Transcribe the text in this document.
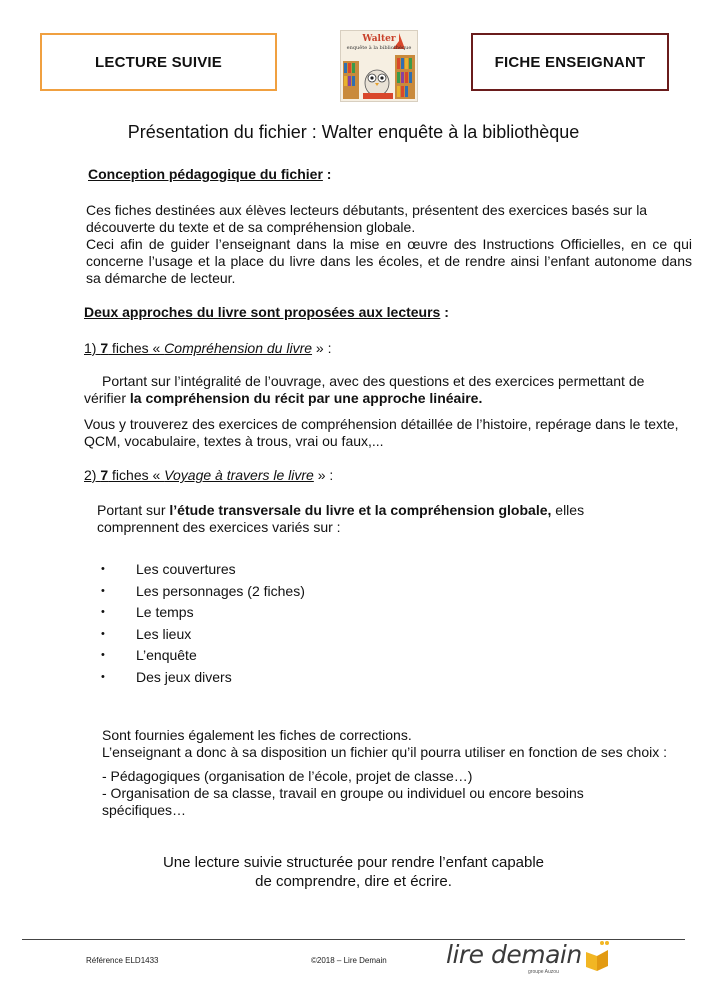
LECTURE SUIVIE
Walter
enquête à la bibliothèque
FICHE ENSEIGNANT
Présentation du fichier : Walter enquête à la bibliothèque
Conception pédagogique du fichier :
Ces fiches destinées aux élèves lecteurs débutants, présentent des exercices basés sur la découverte du texte et de sa compréhension globale.
Ceci afin de guider l’enseignant dans la mise en œuvre des Instructions Officielles, en ce qui concerne l’usage et la place du livre dans les écoles, et de rendre ainsi l’enfant autonome dans sa démarche de lecteur.
Deux approches du livre sont proposées aux lecteurs :
1) 7 fiches « Compréhension du livre » :
Portant sur l’intégralité de l’ouvrage, avec des questions et des exercices permettant de vérifier la compréhension du récit par une approche linéaire.
Vous y trouverez des exercices de compréhension détaillée de l’histoire, repérage dans le texte, QCM, vocabulaire, textes à trous, vrai ou faux,...
2) 7 fiches « Voyage à travers le livre » :
Portant sur l’étude transversale du livre et la compréhension globale, elles comprennent des exercices variés sur :
• Les couvertures
• Les personnages (2 fiches)
• Le temps
• Les lieux
• L’enquête
• Des jeux divers
Sont fournies également les fiches de corrections.
L’enseignant a donc à sa disposition un fichier qu’il pourra utiliser en fonction de ses choix :
- Pédagogiques (organisation de l’école, projet de classe…)
- Organisation de sa classe, travail en groupe ou individuel ou encore besoins spécifiques…
Une lecture suivie structurée pour rendre l’enfant capable de comprendre, dire et écrire.
Référence ELD1433	©2018 – Lire Demain lire demain
groupe Auzou
